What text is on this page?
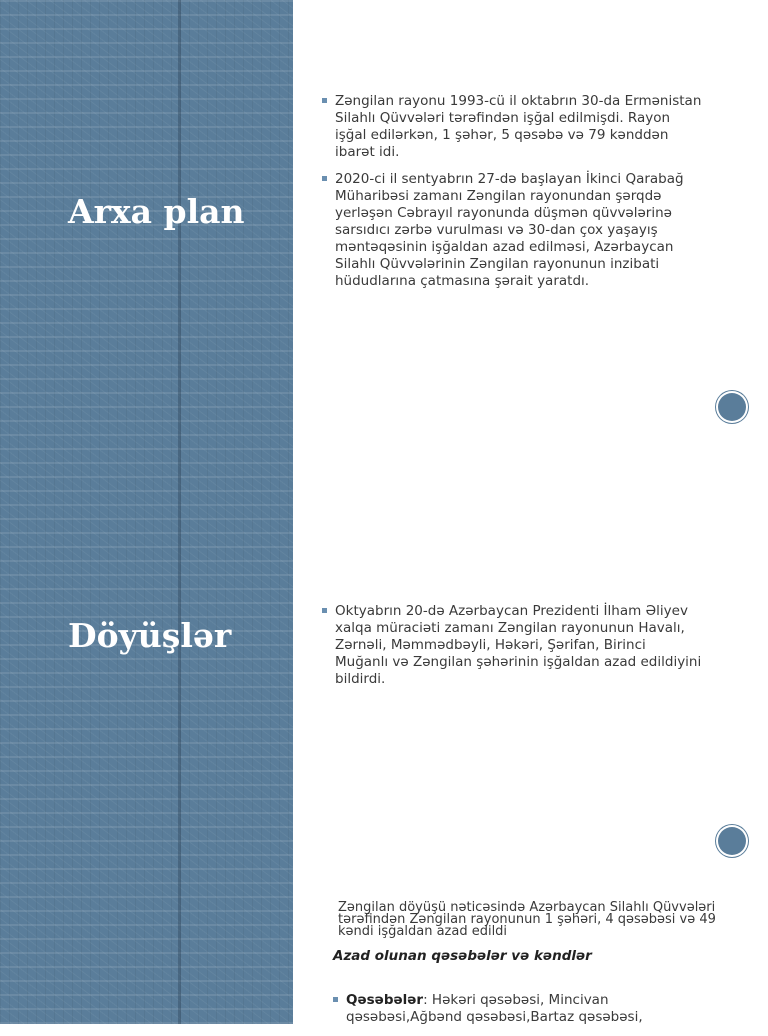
Arxa plan
Zəngilan rayonu 1993-cü il oktabrın 30-da Ermənistan Silahlı Qüvvələri tərəfindən işğal edilmişdi. Rayon işğal edilərkən, 1 şəhər, 5 qəsəbə və 79 kənddən ibarət idi.
2020-ci il sentyabrın 27-də başlayan İkinci Qarabağ Müharibəsi zamanı Zəngilan rayonundan şərqdə yerləşən Cəbrayıl rayonunda düşmən qüvvələrinə sarsıdıcı zərbə vurulması və 30-dan çox yaşayış məntəqəsinin işğaldan azad edilməsi, Azərbaycan Silahlı Qüvvələrinin Zəngilan rayonunun inzibati hüdudlarına çatmasına şərait yaratdı.
Döyüşlər
Oktyabrın 20-də Azərbaycan Prezidenti İlham Əliyev xalqa müraciəti zamanı Zəngilan rayonunun Havalı, Zərnəli, Məmmədbəyli, Həkəri, Şərifan, Birinci Muğanlı və Zəngilan şəhərinin işğaldan azad edildiyini bildirdi.

Zəngilan döyüşü nəticəsində Azərbaycan Silahlı Qüvvələri tərəfindən Zəngilan rayonunun 1 şəhəri, 4 qəsəbəsi və 49 kəndi işğaldan azad edildi

Azad olunan qəsəbələr və kəndlər

Qəsəbələr: Həkəri qəsəbəsi, Mincivan qəsəbəsi,Ağbənd qəsəbəsi,Bartaz qəsəbəsi,
